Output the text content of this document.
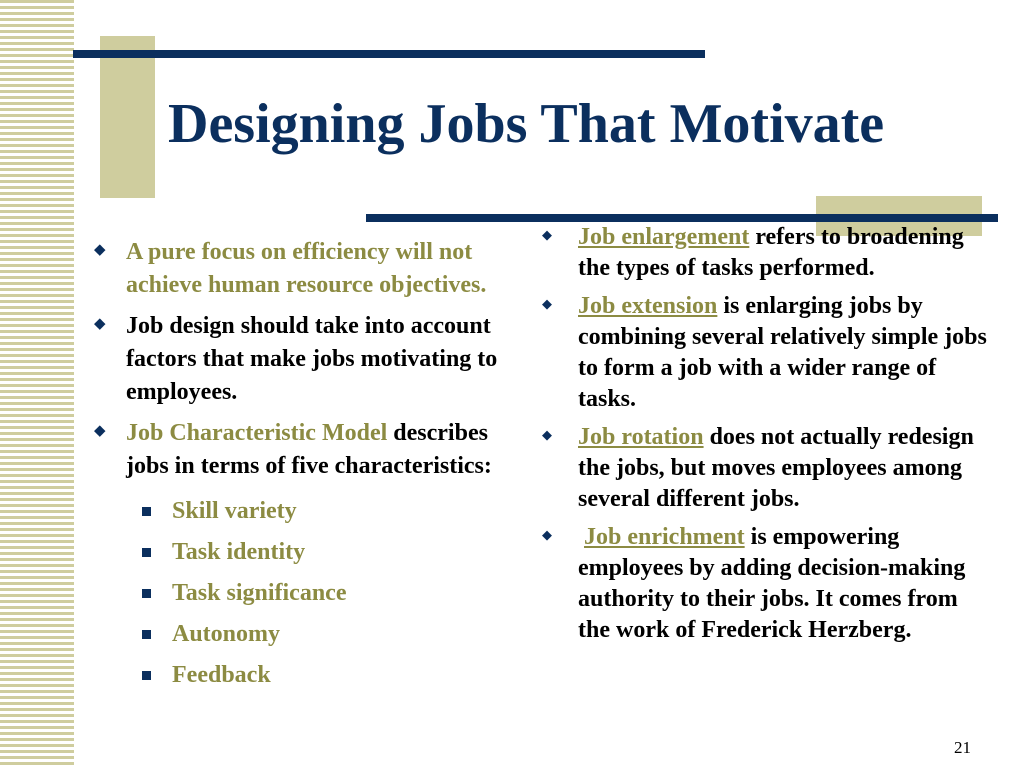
Designing Jobs That Motivate
◆ A pure focus on efficiency will not achieve human resource objectives.
◆ Job design should take into account factors that make jobs motivating to employees.
◆ Job Characteristic Model describes jobs in terms of five characteristics:
Skill variety
Task identity
Task significance
Autonomy
Feedback
◆ Job enlargement refers to broadening the types of tasks performed.
◆ Job extension is enlarging jobs by combining several relatively simple jobs to form a job with a wider range of tasks.
◆ Job rotation does not actually redesign the jobs, but moves employees among several different jobs.
◆ Job enrichment is empowering employees by adding decision-making authority to their jobs. It comes from the work of Frederick Herzberg.
21
